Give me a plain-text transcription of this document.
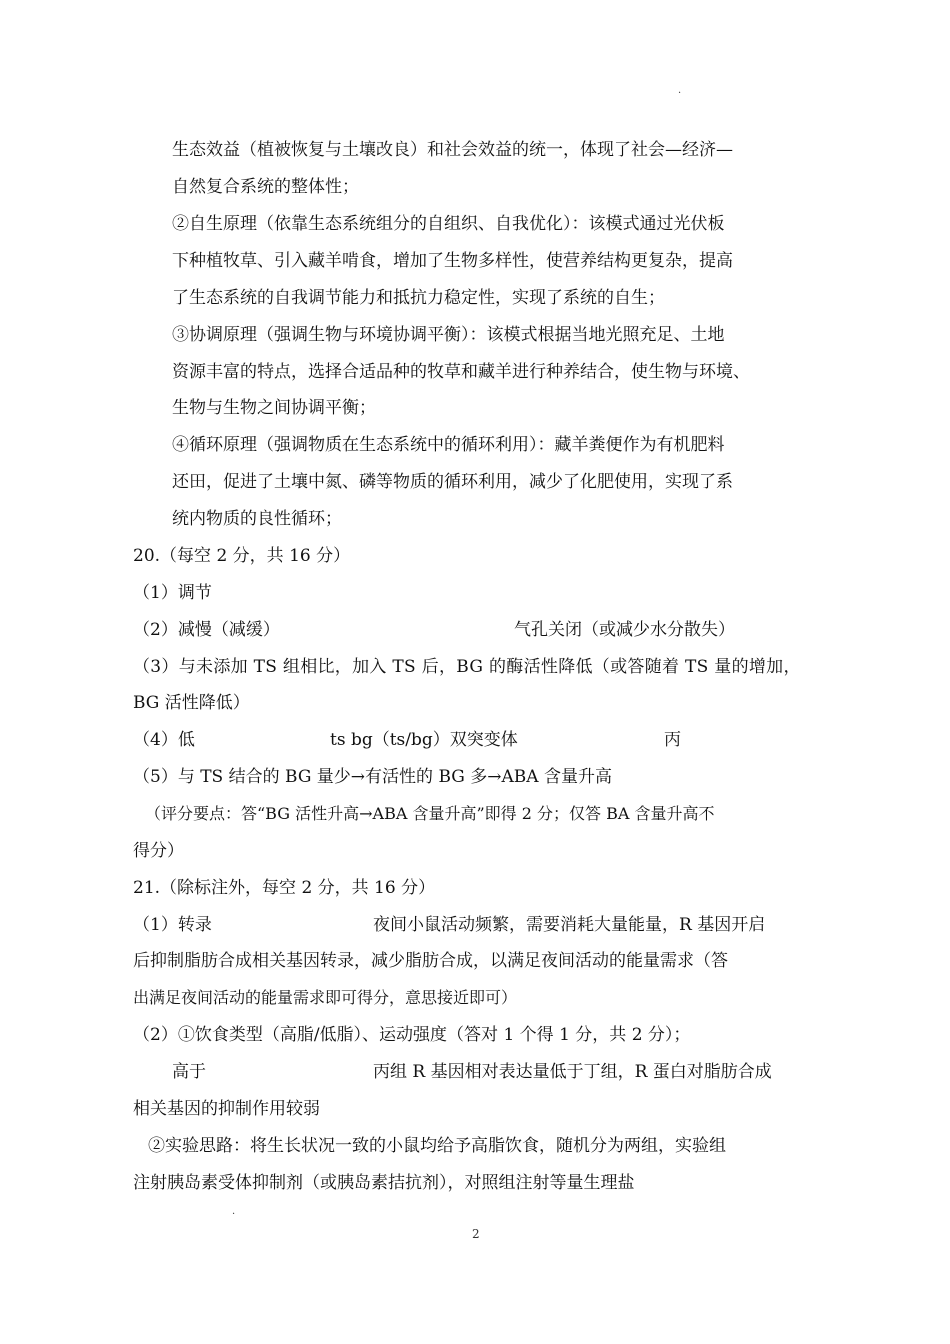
·
生态效益（植被恢复与土壤改良）和社会效益的统一，体现了社会—经济—
自然复合系统的整体性；
②自生原理（依靠生态系统组分的自组织、自我优化）：该模式通过光伏板
下种植牧草、引入藏羊啃食，增加了生物多样性，使营养结构更复杂，提高
了生态系统的自我调节能力和抵抗力稳定性，实现了系统的自生；
③协调原理（强调生物与环境协调平衡）：该模式根据当地光照充足、土地
资源丰富的特点，选择合适品种的牧草和藏羊进行种养结合，使生物与环境、
生物与生物之间协调平衡；
④循环原理（强调物质在生态系统中的循环利用）：藏羊粪便作为有机肥料
还田，促进了土壤中氮、磷等物质的循环利用，减少了化肥使用，实现了系
统内物质的良性循环；
20.（每空 2 分，共 16 分）
（1）调节
（2）减慢（减缓）	气孔关闭（或减少水分散失）
（3）与未添加 TS 组相比，加入 TS 后，BG 的酶活性降低（或答随着 TS 量的增加，
BG 活性降低）
（4）低	ts bg（ts/bg）双突变体	丙
（5）与 TS 结合的 BG 量少→有活性的 BG 多→ABA 含量升高
（评分要点：答“BG 活性升高→ABA 含量升高”即得 2 分；仅答 BA 含量升高不
得分）
21.（除标注外，每空 2 分，共 16 分）
（1）转录	夜间小鼠活动频繁，需要消耗大量能量，R 基因开启
后抑制脂肪合成相关基因转录，减少脂肪合成，以满足夜间活动的能量需求（答
出满足夜间活动的能量需求即可得分，意思接近即可）
（2）①饮食类型（高脂/低脂）、运动强度（答对 1 个得 1 分，共 2 分）；
高于	丙组 R 基因相对表达量低于丁组，R 蛋白对脂肪合成
相关基因的抑制作用较弱
②实验思路：将生长状况一致的小鼠均给予高脂饮食，随机分为两组，实验组
注射胰岛素受体抑制剂（或胰岛素拮抗剂），对照组注射等量生理盐
·
2
